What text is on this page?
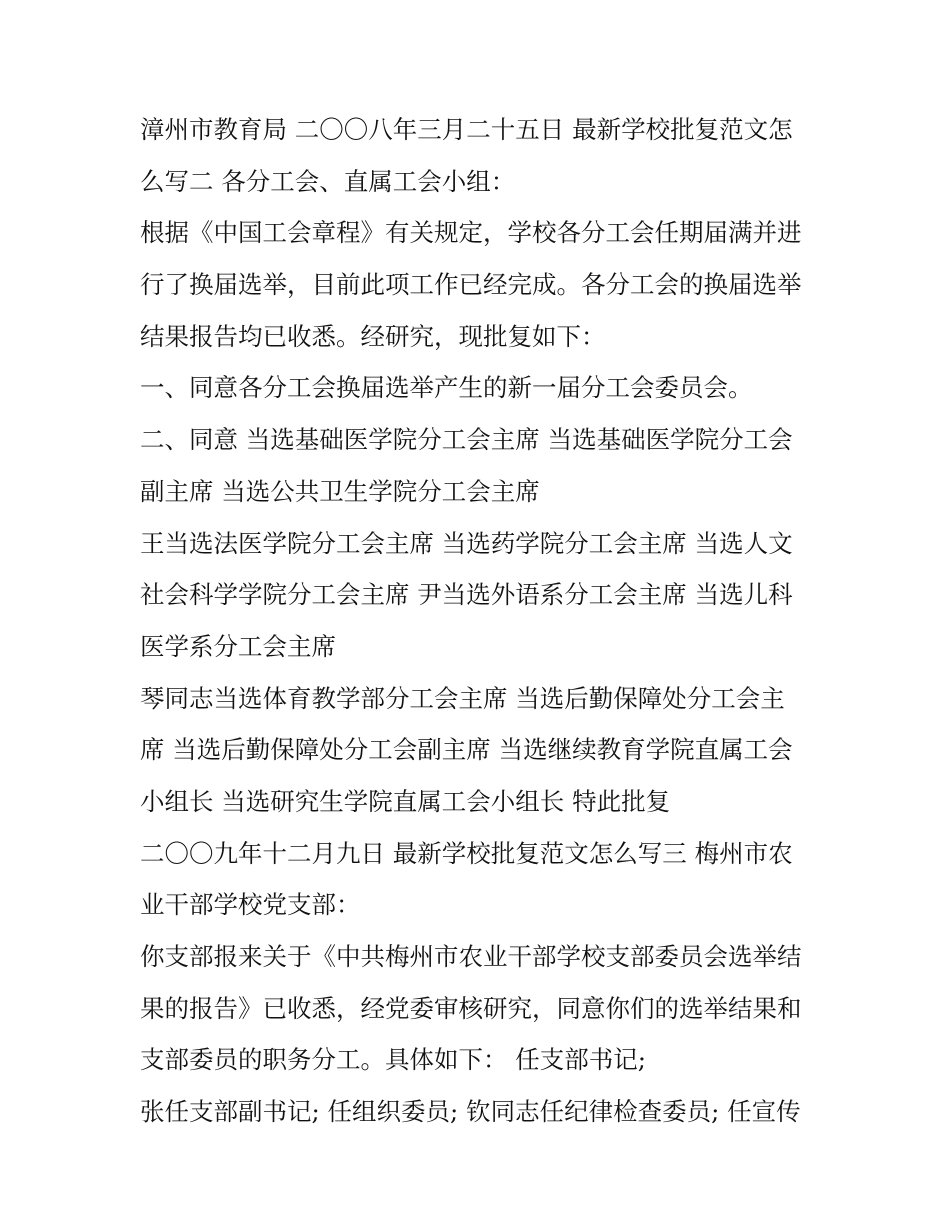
漳州市教育局 二〇〇八年三月二十五日 最新学校批复范文怎
么写二 各分工会、直属工会小组：
根据《中国工会章程》有关规定，学校各分工会任期届满并进
行了换届选举，目前此项工作已经完成。各分工会的换届选举
结果报告均已收悉。经研究，现批复如下：
一、同意各分工会换届选举产生的新一届分工会委员会。
二、同意 当选基础医学院分工会主席 当选基础医学院分工会
副主席 当选公共卫生学院分工会主席
王当选法医学院分工会主席 当选药学院分工会主席 当选人文
社会科学学院分工会主席 尹当选外语系分工会主席 当选儿科
医学系分工会主席
琴同志当选体育教学部分工会主席 当选后勤保障处分工会主
席 当选后勤保障处分工会副主席 当选继续教育学院直属工会
小组长 当选研究生学院直属工会小组长 特此批复
二〇〇九年十二月九日 最新学校批复范文怎么写三 梅州市农
业干部学校党支部：
你支部报来关于《中共梅州市农业干部学校支部委员会选举结
果的报告》已收悉，经党委审核研究，同意你们的选举结果和
支部委员的职务分工。具体如下： 任支部书记;
张任支部副书记; 任组织委员; 钦同志任纪律检查委员; 任宣传
